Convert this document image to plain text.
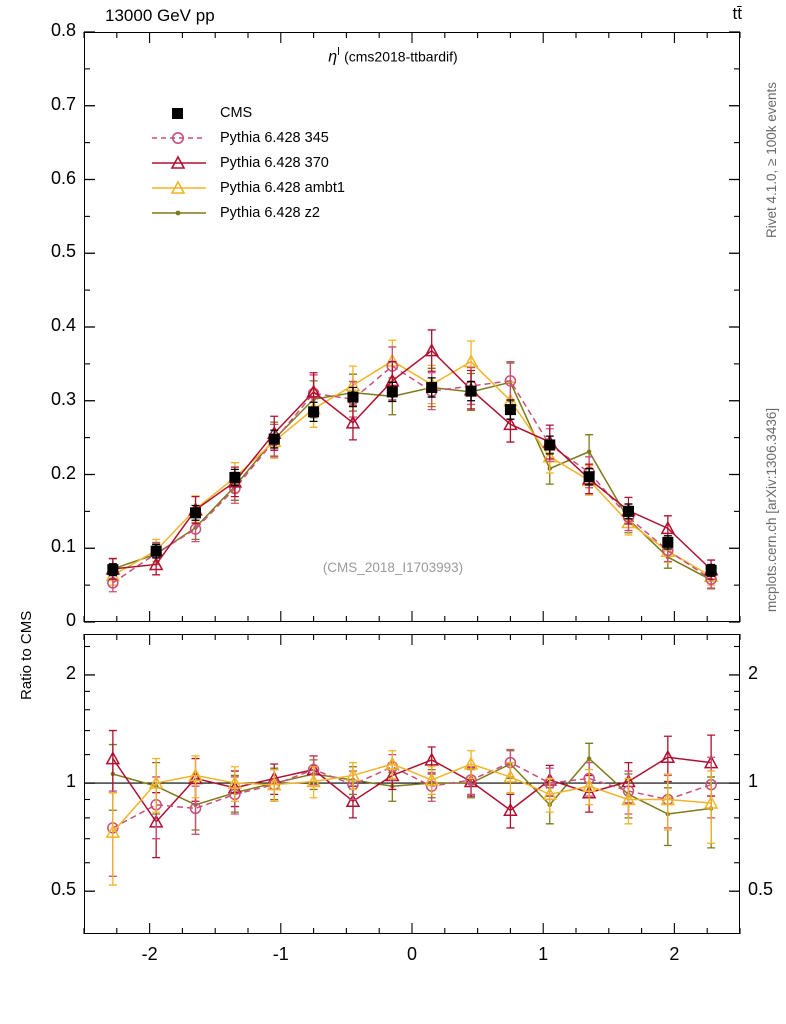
13000 GeV pp	tt̄
Rivet 4.1.0, ≥ 100k events
mcplots.cern.ch [arXiv:1306.3436]
$\eta^l$ (cms2018-ttbardif)
(CMS_2018_I1703993)
CMS
Pythia 6.428 345
Pythia 6.428 370
Pythia 6.428 ambt1
Pythia 6.428 z2
Ratio to CMS	0
0.1
0.2
0.3
0.4
0.5
0.6
0.7
0.8
0.5	0.5
1	1
2	2
-2	-1	0	1	2
